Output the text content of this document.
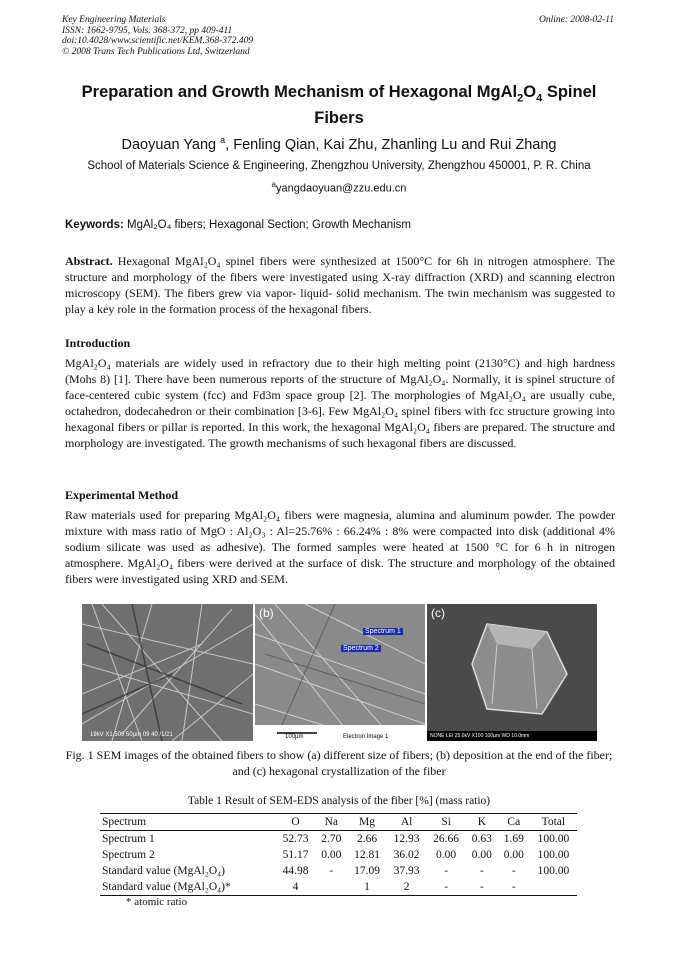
Key Engineering Materials
ISSN: 1662-9795, Vols. 368-372, pp 409-411
doi:10.4028/www.scientific.net/KEM.368-372.409
© 2008 Trans Tech Publications Ltd, Switzerland
Online: 2008-02-11
Preparation and Growth Mechanism of Hexagonal $MgAl_2O_4$ Spinel
Fibers
Daoyuan Yang $^a$, Fenling Qian, Kai Zhu, Zhanling Lu and Rui Zhang
School of Materials Science & Engineering, Zhengzhou University, Zhengzhou 450001, P. R. China
$^a$yangdaoyuan@zzu.edu.cn
Keywords: MgAl₂O₄ fibers; Hexagonal Section; Growth Mechanism
Abstract. Hexagonal MgAl₂O₄ spinel fibers were synthesized at 1500°C for 6h in nitrogen atmosphere. The structure and morphology of the fibers were investigated using X-ray diffraction (XRD) and scanning electron microscopy (SEM). The fibers grew via vapor- liquid- solid mechanism. The twin mechanism was suggested to play a key role in the formation process of the hexagonal fibers.
Introduction
MgAl₂O₄ materials are widely used in refractory due to their high melting point (2130°C) and high hardness (Mohs 8) [1]. There have been numerous reports of the structure of MgAl₂O₄. Normally, it is spinel structure of face-centered cubic system (fcc) and Fd3m space group [2]. The morphologies of MgAl₂O₄ are usually cube, octahedron, dodecahedron or their combination [3-6]. Few MgAl₂O₄ spinel fibers with fcc structure growing into hexagonal fibers or pillar is reported. In this work, the hexagonal MgAl₂O₄ fibers are prepared. The structure and morphology are investigated. The growth mechanisms of such hexagonal fibers are discussed.
Experimental Method
Raw materials used for preparing MgAl₂O₄ fibers were magnesia, alumina and aluminum powder. The powder mixture with mass ratio of MgO : Al₂O₃ : Al=25.76% : 66.24% : 8% were compacted into disk (additional 4% sodium silicate was used as adhesive). The formed samples were heated at 1500 °C for 6 h in nitrogen atmosphere. MgAl₂O₄ fibers were derived at the surface of disk. The structure and morphology of the obtained fibers were investigated using XRD and SEM.
19kV X1,500 50µm 09 40 /1/21
(b)
Spectrum 1
Spectrum 2
100µm	Electron Image 1
(c)
NONE LEI 25.0kV X100 100µm WD 10.0mm
Fig. 1 SEM images of the obtained fibers to show (a) different size of fibers; (b) deposition at the end of the fiber; and (c) hexagonal crystallization of the fiber
Table 1 Result of SEM-EDS analysis of the fiber [%] (mass ratio)
Spectrum	O	Na	Mg	Al	Si	K	Ca	Total
Spectrum 1	52.73	2.70	2.66	12.93	26.66	0.63	1.69	100.00
Spectrum 2	51.17	0.00	12.81	36.02	0.00	0.00	0.00	100.00
Standard value (MgAl₂O₄)	44.98	-	17.09	37.93	-	-	-	100.00
Standard value (MgAl₂O₄)*	4		1	2	-	-	-	
* atomic ratio
